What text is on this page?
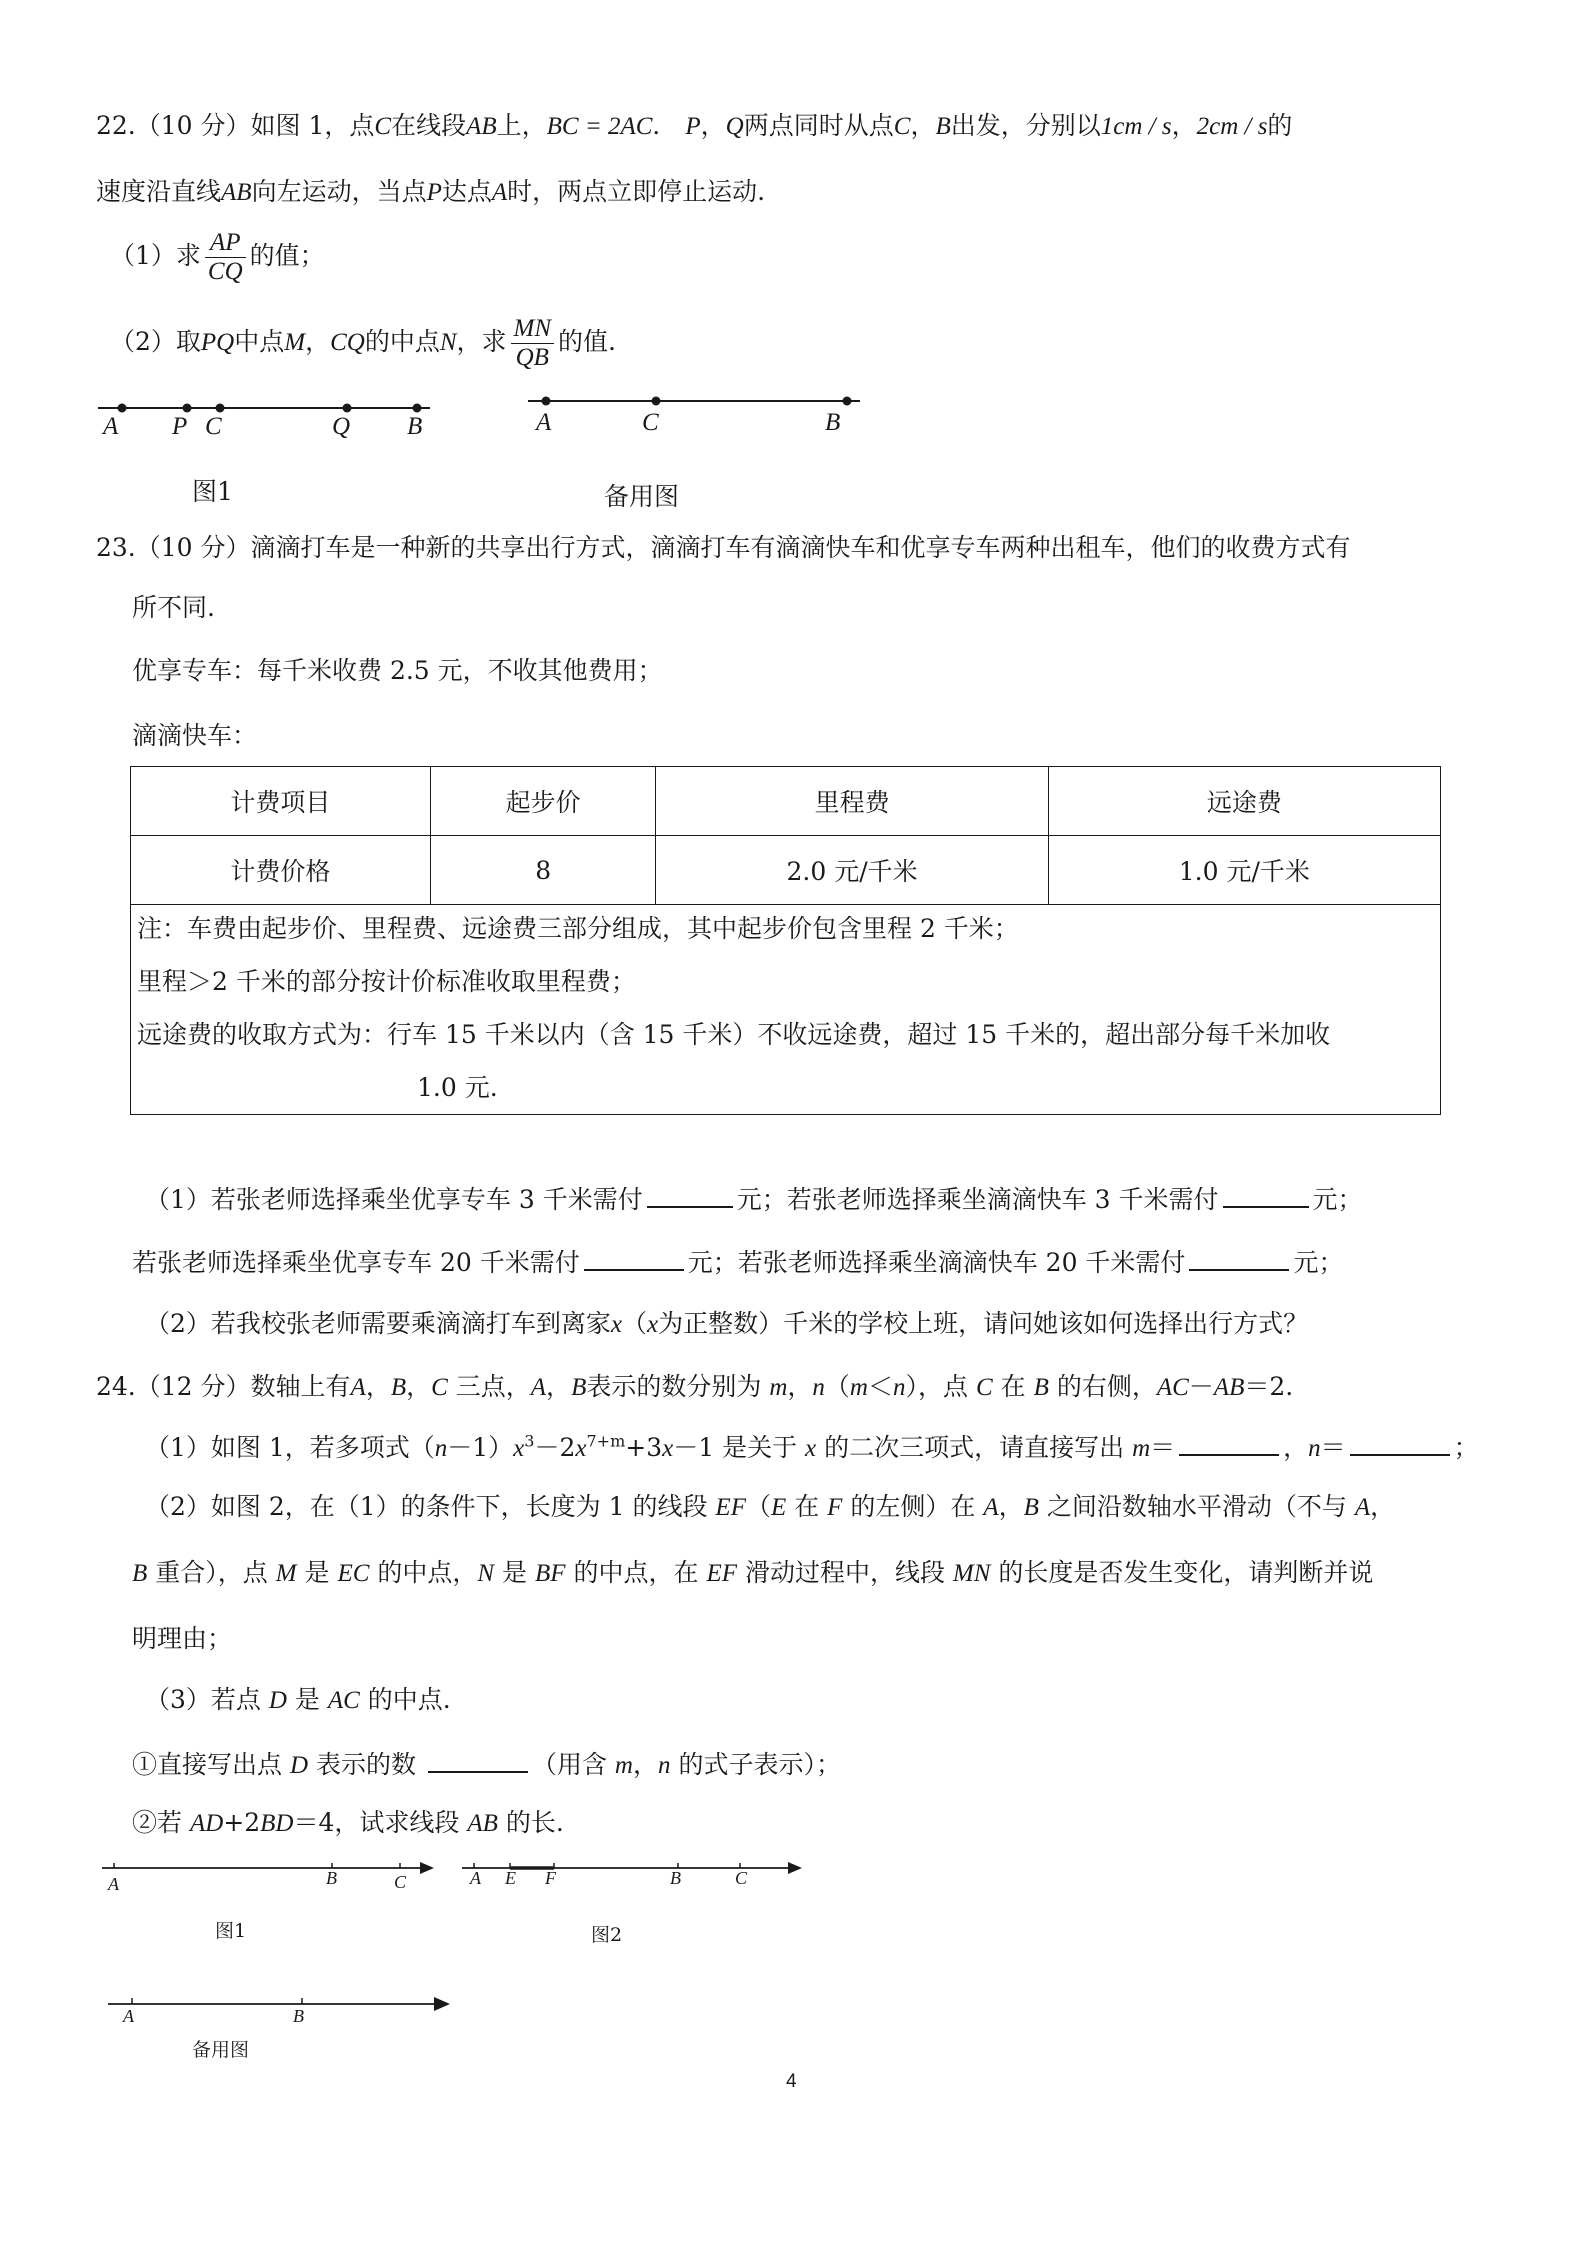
22.（10 分）如图 1，点C在线段AB上，BC = 2AC． P，Q两点同时从点C，B出发，分别以1cm / s，2cm / s的
速度沿直线AB向左运动，当点P达点A时，两点立即停止运动.
（1）求 $\frac{AP}{CQ}$ 的值；
（2）取PQ中点M，CQ的中点N，求 $\frac{MN}{QB}$ 的值.
A P C	Q B
图1
A	C	B
备用图
23.（10 分）滴滴打车是一种新的共享出行方式，滴滴打车有滴滴快车和优享专车两种出租车，他们的收费方式有
所不同.
优享专车：每千米收费 2.5 元，不收其他费用；
滴滴快车：
计费项目	起步价	里程费	远途费
计费价格	8	2.0 元/千米	1.0 元/千米

注：车费由起步价、里程费、远途费三部分组成，其中起步价包含里程 2 千米；
里程＞2 千米的部分按计价标准收取里程费；
远途费的收取方式为：行车 15 千米以内（含 15 千米）不收远途费，超过 15 千米的，超出部分每千米加收
1.0 元.			
（1）若张老师选择乘坐优享专车 3 千米需付	元；若张老师选择乘坐滴滴快车 3 千米需付	元；
若张老师选择乘坐优享专车 20 千米需付	元；若张老师选择乘坐滴滴快车 20 千米需付	元；
（2）若我校张老师需要乘滴滴打车到离家x（x为正整数）千米的学校上班，请问她该如何选择出行方式？
24.（12 分）数轴上有A，B，C 三点，A，B表示的数分别为 m，n（m＜n），点 C 在 B 的右侧，AC－AB＝2.
（1）如图 1，若多项式$(n-1)x^3-2x^{7+m}+3x-1$ 是关于 x 的二次三项式，请直接写出 m＝	，n＝	；
（2）如图 2，在（1）的条件下，长度为 1 的线段 EF（E 在 F 的左侧）在 A，B 之间沿数轴水平滑动（不与 A，
B 重合），点 M 是 EC 的中点，N 是 BF 的中点，在 EF 滑动过程中，线段 MN 的长度是否发生变化，请判断并说
明理由；
（3）若点 D 是 AC 的中点.
①直接写出点 D 表示的数	（用含 m，n 的式子表示）；
②若 AD+2BD＝4，试求线段 AB 的长.
A	B	C
图1
A E F	B	C
图2
A	B
备用图
4
